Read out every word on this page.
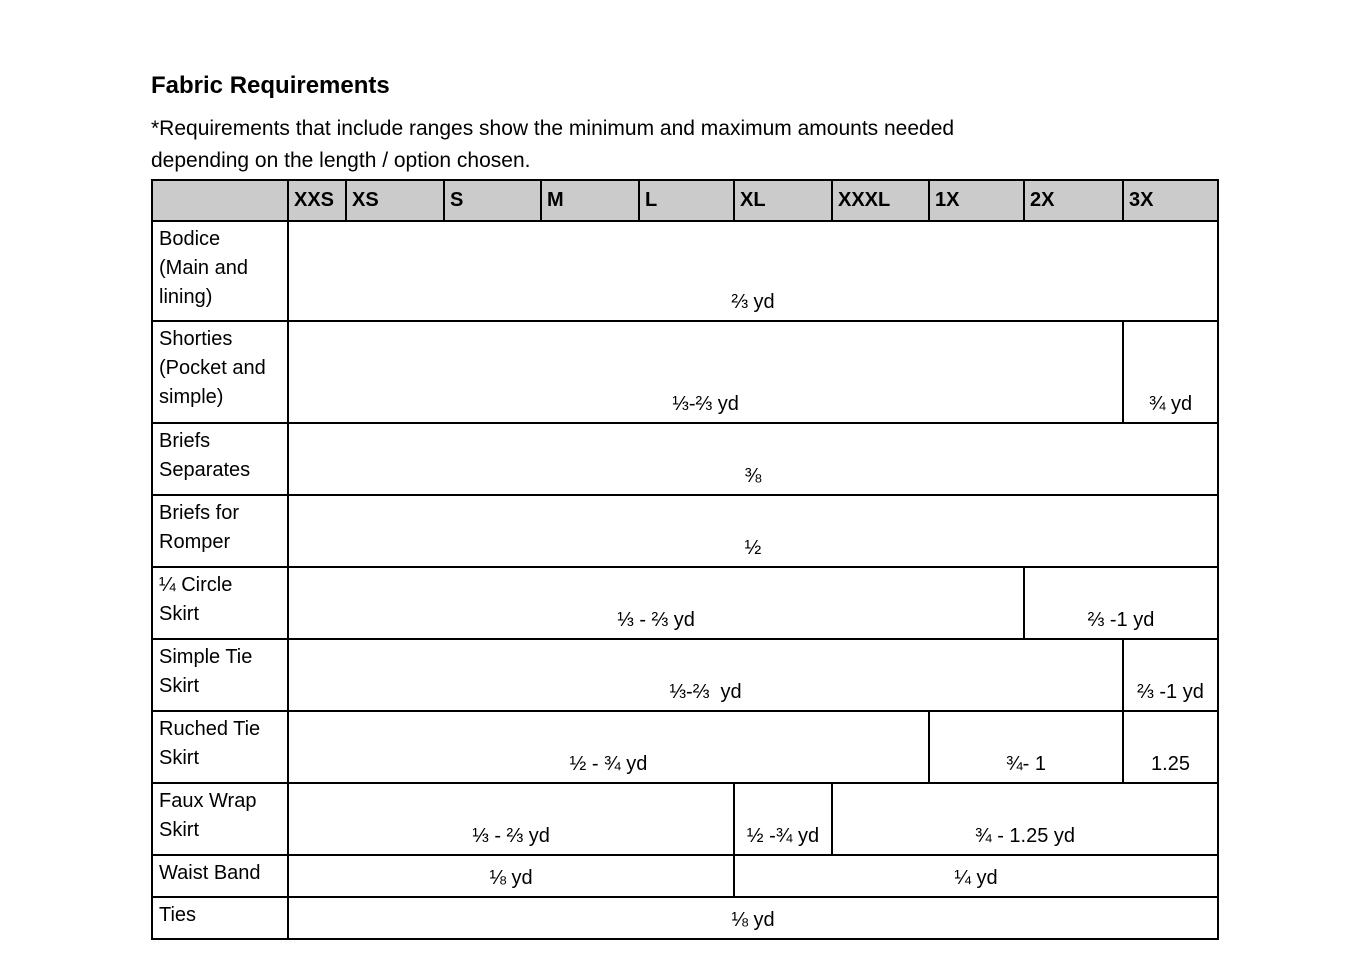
Fabric Requirements
*Requirements that include ranges show the minimum and maximum amounts needed
depending on the length / option chosen.
	XXS	XS	S	M	L	XL	XXXL	1X	2X	3X
Bodice (Main and lining)	⅔ yd									
Shorties (Pocket and simple)	⅓-⅔ yd									¾ yd
Briefs Separates	⅜									
Briefs for Romper	½									
¼ Circle Skirt	⅓ - ⅔ yd								⅔ -1 yd	
Simple Tie Skirt	⅓-⅔  yd									⅔ -1 yd
Ruched Tie Skirt	½ - ¾ yd							¾- 1		1.25
Faux Wrap Skirt	⅓ - ⅔ yd					½ -¾ yd	¾ - 1.25 yd			
Waist Band	⅛ yd					¼ yd				
Ties	⅛ yd									
